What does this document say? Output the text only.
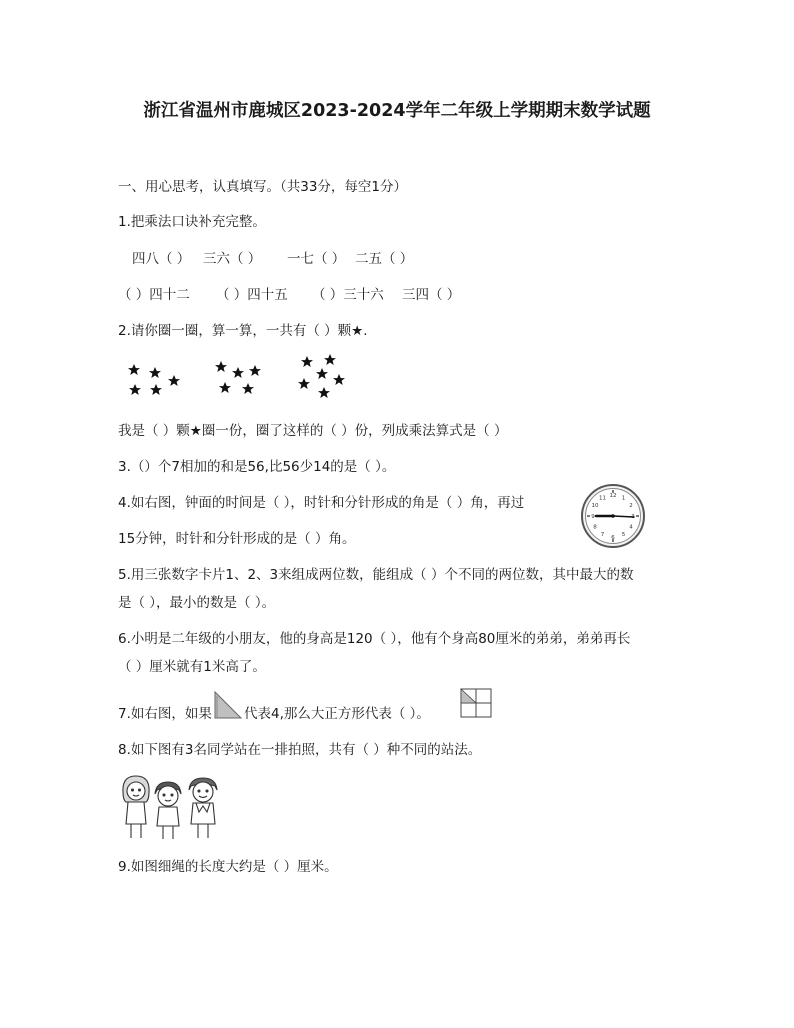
浙江省温州市鹿城区2023-2024学年二年级上学期期末数学试题
一、用心思考，认真填写。（共33分，每空1分）
1.把乘法口诀补充完整。
四八（ ） 三六（ ） 一七（ ） 二五（ ）
（ ）四十二 （ ）四十五 （ ）三十六 三四（ ）
2.请你圈一圈，算一算，一共有（ ）颗★.
我是（ ）颗★圈一份，圈了这样的（ ）份，列成乘法算式是（ ）
3.（）个7相加的和是56,比56少14的是（ ）。
4.如右图，钟面的时间是（ ），时针和分针形成的角是（ ）角，再过
15分钟，时针和分针形成的是（ ）角。
12 1
2
4
5
6
7
8
9
10
11
5.用三张数字卡片1、2、3来组成两位数，能组成（ ）个不同的两位数，其中最大的数
是（ ），最小的数是（ ）。
6.小明是二年级的小朋友，他的身高是120（ ），他有个身高80厘米的弟弟，弟弟再长
（ ）厘米就有1米高了。
7.如右图，如果 代表4,那么大正方形代表（ ）。
8.如下图有3名同学站在一排拍照，共有（ ）种不同的站法。
9.如图细绳的长度大约是（ ）厘米。
